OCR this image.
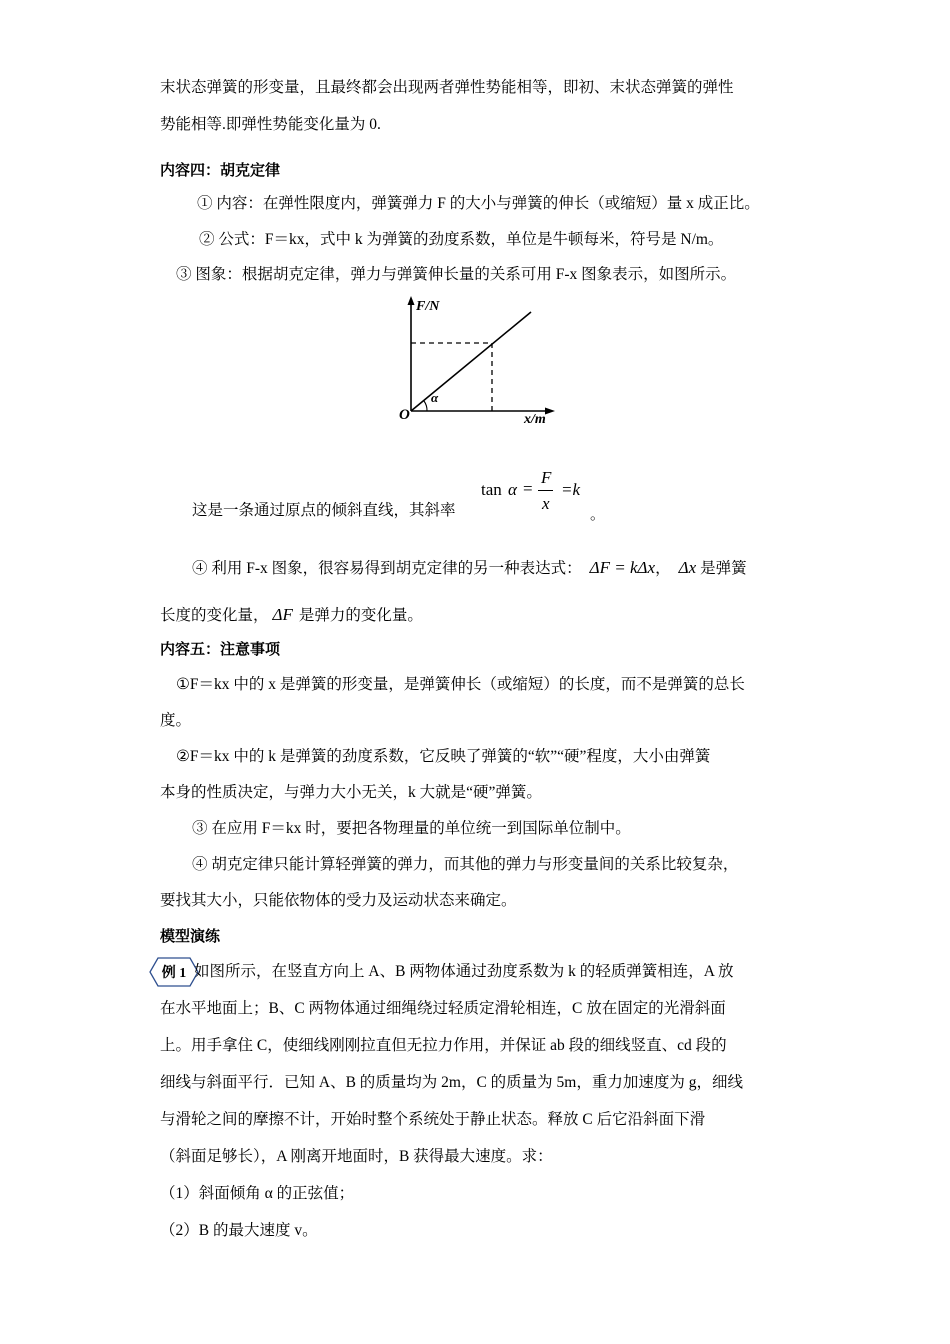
末状态弹簧的形变量，且最终都会出现两者弹性势能相等，即初、末状态弹簧的弹性
势能相等.即弹性势能变化量为 0.
内容四：胡克定律
① 内容：在弹性限度内，弹簧弹力 F 的大小与弹簧的伸长（或缩短）量 x 成正比。
② 公式：F＝kx，式中 k 为弹簧的劲度系数，单位是牛顿每米，符号是 N/m。
③ 图象：根据胡克定律，弹力与弹簧伸长量的关系可用 F-x 图象表示，如图所示。
F/N
x/m
O
α
这是一条通过原点的倾斜直线，其斜率
tan α =
F
x
=k
。
④ 利用 F-x 图象，很容易得到胡克定律的另一种表达式： ΔF = kΔx， Δx 是弹簧
长度的变化量， ΔF 是弹力的变化量。
内容五：注意事项
①F＝kx 中的 x 是弹簧的形变量，是弹簧伸长（或缩短）的长度，而不是弹簧的总长
度。
②F＝kx 中的 k 是弹簧的劲度系数，它反映了弹簧的“软”“硬”程度，大小由弹簧
本身的性质决定，与弹力大小无关，k 大就是“硬”弹簧。
③ 在应用 F＝kx 时，要把各物理量的单位统一到国际单位制中。
④ 胡克定律只能计算轻弹簧的弹力，而其他的弹力与形变量间的关系比较复杂，
要找其大小，只能依物体的受力及运动状态来确定。
模型演练
例 1 如图所示，在竖直方向上 A、B 两物体通过劲度系数为 k 的轻质弹簧相连，A 放
在水平地面上；B、C 两物体通过细绳绕过轻质定滑轮相连，C 放在固定的光滑斜面
上。用手拿住 C，使细线刚刚拉直但无拉力作用，并保证 ab 段的细线竖直、cd 段的
细线与斜面平行．已知 A、B 的质量均为 2m，C 的质量为 5m，重力加速度为 g，细线
与滑轮之间的摩擦不计，开始时整个系统处于静止状态。释放 C 后它沿斜面下滑
（斜面足够长），A 刚离开地面时，B 获得最大速度。求：
（1）斜面倾角 α 的正弦值；
（2）B 的最大速度 v。
